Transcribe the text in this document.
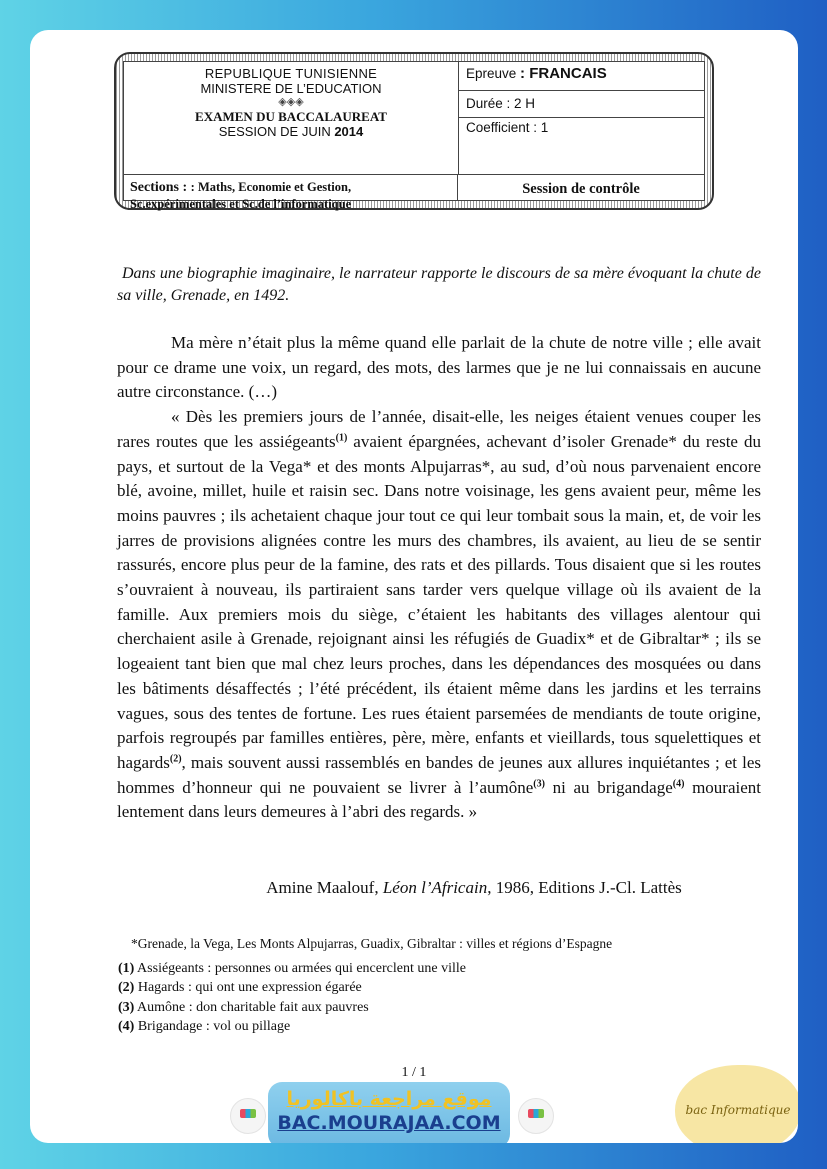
REPUBLIQUE TUNISIENNE
MINISTERE DE L’EDUCATION
◈◈◈
EXAMEN DU BACCALAUREAT
SESSION DE JUIN 2014
Epreuve : FRANCAIS
Durée : 2 H
Coefficient : 1
Sections : : Maths, Economie et Gestion,
Sc.expérimentales et Sc.de l’informatique
Session de contrôle
Dans une biographie imaginaire, le narrateur rapporte le discours de sa mère évoquant la chute de sa ville, Grenade, en 1492.

Ma mère n’était plus la même quand elle parlait de la chute de notre ville ; elle avait pour ce drame une voix, un regard, des mots, des larmes que je ne lui connaissais en aucune autre circonstance. (…)

« Dès les premiers jours de l’année, disait-elle, les neiges étaient venues couper les rares routes que les assiégeants$^{(1)}$ avaient épargnées, achevant d’isoler Grenade* du reste du pays, et surtout de la Vega* et des monts Alpujarras*, au sud, d’où nous parvenaient encore blé, avoine, millet, huile et raisin sec. Dans notre voisinage, les gens avaient peur, même les moins pauvres ; ils achetaient chaque jour tout ce qui leur tombait sous la main, et, de voir les jarres de provisions alignées contre les murs des chambres, ils avaient, au lieu de se sentir rassurés, encore plus peur de la famine, des rats et des pillards. Tous disaient que si les routes s’ouvraient à nouveau, ils partiraient sans tarder vers quelque village où ils avaient de la famille. Aux premiers mois du siège, c’étaient les habitants des villages alentour qui cherchaient asile à Grenade, rejoignant ainsi les réfugiés de Guadix* et de Gibraltar* ; ils se logeaient tant bien que mal chez leurs proches, dans les dépendances des mosquées ou dans les bâtiments désaffectés ; l’été précédent, ils étaient même dans les jardins et les terrains vagues, sous des tentes de fortune. Les rues étaient parsemées de mendiants de toute origine, parfois regroupés par familles entières, père, mère, enfants et vieillards, tous squelettiques et hagards$^{(2)}$, mais souvent aussi rassemblés en bandes de jeunes aux allures inquiétantes ; et les hommes d’honneur qui ne pouvaient se livrer à l’aumône$^{(3)}$ ni au brigandage$^{(4)}$ mouraient lentement dans leurs demeures à l’abri des regards. »

Amine Maalouf, Léon l’Africain, 1986, Editions J.-Cl. Lattès
*Grenade, la Vega, Les Monts Alpujarras, Guadix, Gibraltar : villes et régions d’Espagne
(1) Assiégeants : personnes ou armées qui encerclent une ville
(2) Hagards : qui ont une expression égarée
(3) Aumône : don charitable fait aux pauvres
(4) Brigandage : vol ou pillage
1 / 1
موقع مراجعة باكالوريا
BAC.MOURAJAA.COM
bac Informatique
